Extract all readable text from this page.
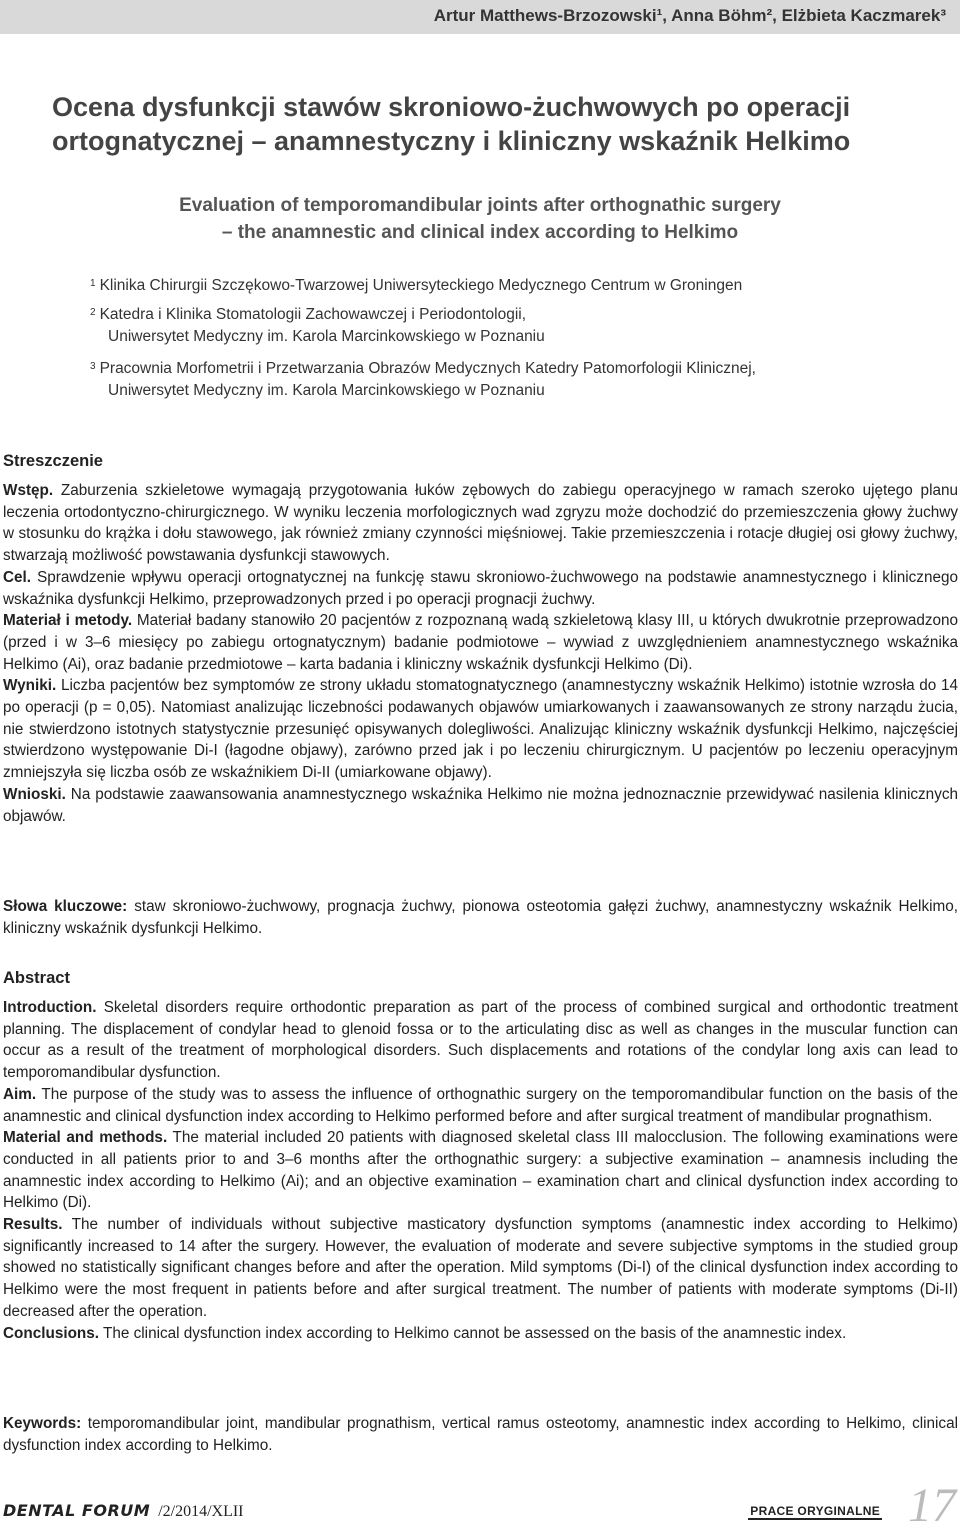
Artur Matthews-Brzozowski¹, Anna Böhm², Elżbieta Kaczmarek³
Ocena dysfunkcji stawów skroniowo-żuchwowych po operacji
ortognatycznej – anamnestyczny i kliniczny wskaźnik Helkimo
Evaluation of temporomandibular joints after orthognathic surgery
– the anamnestic and clinical index according to Helkimo
$^1$ Klinika Chirurgii Szczękowo-Twarzowej Uniwersyteckiego Medycznego Centrum w Groningen
$^2$ Katedra i Klinika Stomatologii Zachowawczej i Periodontologii,
Uniwersytet Medyczny im. Karola Marcinkowskiego w Poznaniu
$^3$ Pracownia Morfometrii i Przetwarzania Obrazów Medycznych Katedry Patomorfologii Klinicznej,
Uniwersytet Medyczny im. Karola Marcinkowskiego w Poznaniu
Streszczenie

Wstęp. Zaburzenia szkieletowe wymagają przygotowania łuków zębowych do zabiegu operacyjnego w ramach szeroko ujętego planu leczenia ortodontyczno-chirurgicznego. W wyniku leczenia morfologicznych wad zgryzu może dochodzić do przemieszczenia głowy żuchwy w stosunku do krążka i dołu stawowego, jak również zmiany czynności mięśniowej. Takie przemieszczenia i rotacje długiej osi głowy żuchwy, stwarzają możliwość powstawania dysfunkcji stawowych.

Cel. Sprawdzenie wpływu operacji ortognatycznej na funkcję stawu skroniowo-żuchwowego na podstawie anamnestycznego i klinicznego wskaźnika dysfunkcji Helkimo, przeprowadzonych przed i po operacji prognacji żuchwy.

Materiał i metody. Materiał badany stanowiło 20 pacjentów z rozpoznaną wadą szkieletową klasy III, u których dwukrotnie przeprowadzono (przed i w 3–6 miesięcy po zabiegu ortognatycznym) badanie podmiotowe – wywiad z uwzględnieniem anamnestycznego wskaźnika Helkimo (Ai), oraz badanie przedmiotowe – karta badania i kliniczny wskaźnik dysfunkcji Helkimo (Di).

Wyniki. Liczba pacjentów bez symptomów ze strony układu stomatognatycznego (anamnestyczny wskaźnik Helkimo) istotnie wzrosła do 14 po operacji (p = 0,05). Natomiast analizując liczebności podawanych objawów umiarkowanych i zaawansowanych ze strony narządu żucia, nie stwierdzono istotnych statystycznie przesunięć opisywanych dolegliwości. Analizując kliniczny wskaźnik dysfunkcji Helkimo, najczęściej stwierdzono występowanie Di-I (łagodne objawy), zarówno przed jak i po leczeniu chirurgicznym. U pacjentów po leczeniu operacyjnym zmniejszyła się liczba osób ze wskaźnikiem Di-II (umiarkowane objawy).

Wnioski. Na podstawie zaawansowania anamnestycznego wskaźnika Helkimo nie można jednoznacznie przewidywać nasilenia klinicznych objawów.

Słowa kluczowe: staw skroniowo-żuchwowy, prognacja żuchwy, pionowa osteotomia gałęzi żuchwy, anamnestyczny wskaźnik Helkimo, kliniczny wskaźnik dysfunkcji Helkimo.

Abstract

Introduction. Skeletal disorders require orthodontic preparation as part of the process of combined surgical and orthodontic treatment planning. The displacement of condylar head to glenoid fossa or to the articulating disc as well as changes in the muscular function can occur as a result of the treatment of morphological disorders. Such displacements and rotations of the condylar long axis can lead to temporomandibular dysfunction.

Aim. The purpose of the study was to assess the influence of orthognathic surgery on the temporomandibular function on the basis of the anamnestic and clinical dysfunction index according to Helkimo performed before and after surgical treatment of mandibular prognathism.

Material and methods. The material included 20 patients with diagnosed skeletal class III malocclusion. The following examinations were conducted in all patients prior to and 3–6 months after the orthognathic surgery: a subjective examination – anamnesis including the anamnestic index according to Helkimo (Ai); and an objective examination – examination chart and clinical dysfunction index according to Helkimo (Di).

Results. The number of individuals without subjective masticatory dysfunction symptoms (anamnestic index according to Helkimo) significantly increased to 14 after the surgery. However, the evaluation of moderate and severe subjective symptoms in the studied group showed no statistically significant changes before and after the operation. Mild symptoms (Di-I) of the clinical dysfunction index according to Helkimo were the most frequent in patients before and after surgical treatment. The number of patients with moderate symptoms (Di-II) decreased after the operation.

Conclusions. The clinical dysfunction index according to Helkimo cannot be assessed on the basis of the anamnestic index.

Keywords: temporomandibular joint, mandibular prognathism, vertical ramus osteotomy, anamnestic index according to Helkimo, clinical dysfunction index according to Helkimo.

DENTAL FORUM /2/2014/XLII	PRACE ORYGINALNE 17
